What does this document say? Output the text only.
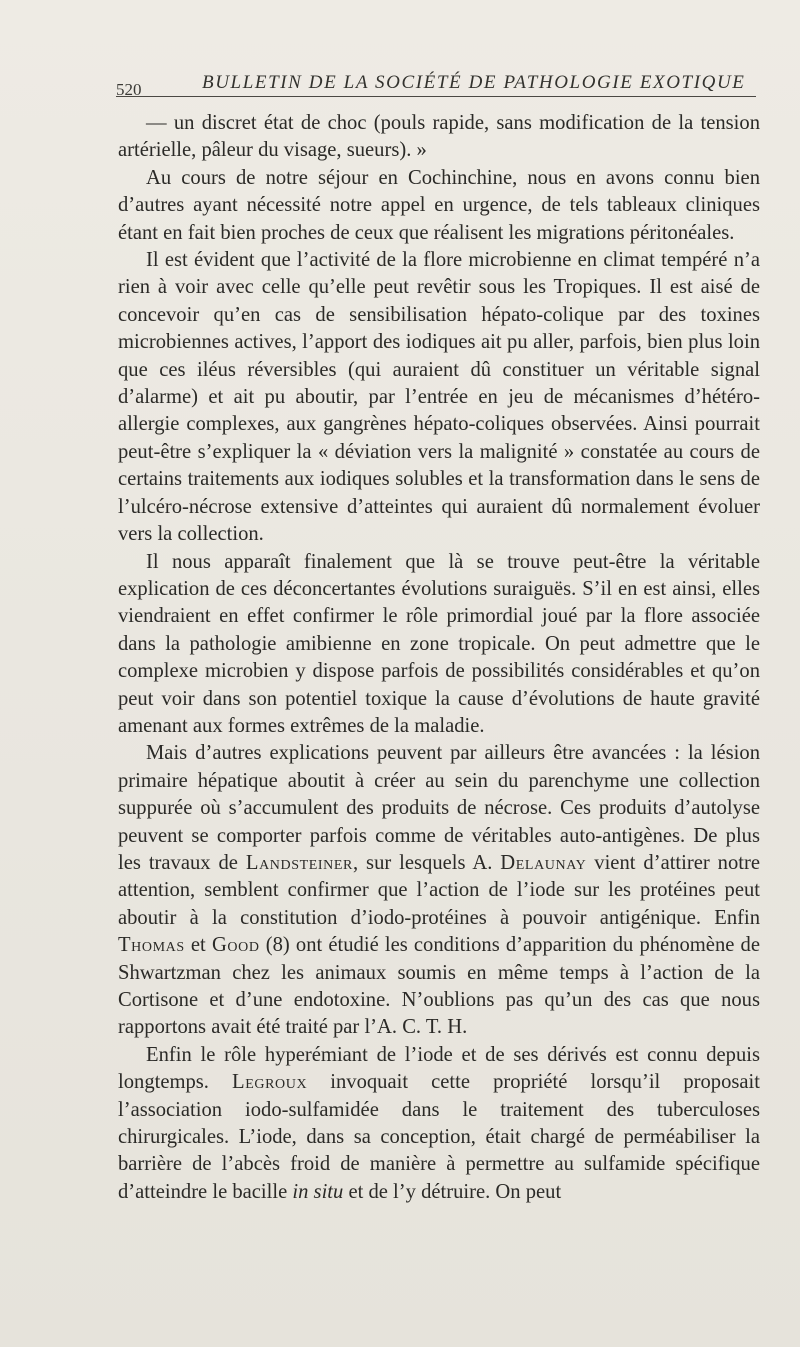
520	BULLETIN DE LA SOCIÉTÉ DE PATHOLOGIE EXOTIQUE

— un discret état de choc (pouls rapide, sans modification de la tension artérielle, pâleur du visage, sueurs). »

Au cours de notre séjour en Cochinchine, nous en avons connu bien d’autres ayant nécessité notre appel en urgence, de tels tableaux cliniques étant en fait bien proches de ceux que réalisent les migrations péritonéales.

Il est évident que l’activité de la flore microbienne en climat tempéré n’a rien à voir avec celle qu’elle peut revêtir sous les Tropiques. Il est aisé de concevoir qu’en cas de sensibilisation hépato-colique par des toxines microbiennes actives, l’apport des iodiques ait pu aller, parfois, bien plus loin que ces iléus réversibles (qui auraient dû constituer un véritable signal d’alarme) et ait pu aboutir, par l’entrée en jeu de mécanismes d’hétéro-allergie complexes, aux gangrènes hépato-coliques observées. Ainsi pourrait peut-être s’expliquer la « déviation vers la malignité » constatée au cours de certains traitements aux iodiques solubles et la transformation dans le sens de l’ulcéro-nécrose extensive d’atteintes qui auraient dû normalement évoluer vers la collection.

Il nous apparaît finalement que là se trouve peut-être la véritable explication de ces déconcertantes évolutions suraiguës. S’il en est ainsi, elles viendraient en effet confirmer le rôle primordial joué par la flore associée dans la pathologie amibienne en zone tropicale. On peut admettre que le complexe microbien y dispose parfois de possibilités considérables et qu’on peut voir dans son potentiel toxique la cause d’évolutions de haute gravité amenant aux formes extrêmes de la maladie.

Mais d’autres explications peuvent par ailleurs être avancées : la lésion primaire hépatique aboutit à créer au sein du parenchyme une collection suppurée où s’accumulent des produits de nécrose. Ces produits d’autolyse peuvent se comporter parfois comme de véritables auto-antigènes. De plus les travaux de Landsteiner, sur lesquels A. Delaunay vient d’attirer notre attention, semblent confirmer que l’action de l’iode sur les protéines peut aboutir à la constitution d’iodo-protéines à pouvoir antigénique. Enfin Thomas et Good (8) ont étudié les conditions d’apparition du phénomène de Shwartzman chez les animaux soumis en même temps à l’action de la Cortisone et d’une endotoxine. N’oublions pas qu’un des cas que nous rapportons avait été traité par l’A. C. T. H.

Enfin le rôle hyperémiant de l’iode et de ses dérivés est connu depuis longtemps. Legroux invoquait cette propriété lorsqu’il proposait l’association iodo-sulfamidée dans le traitement des tuberculoses chirurgicales. L’iode, dans sa conception, était chargé de perméabiliser la barrière de l’abcès froid de manière à permettre au sulfamide spécifique d’atteindre le bacille in situ et de l’y détruire. On peut
